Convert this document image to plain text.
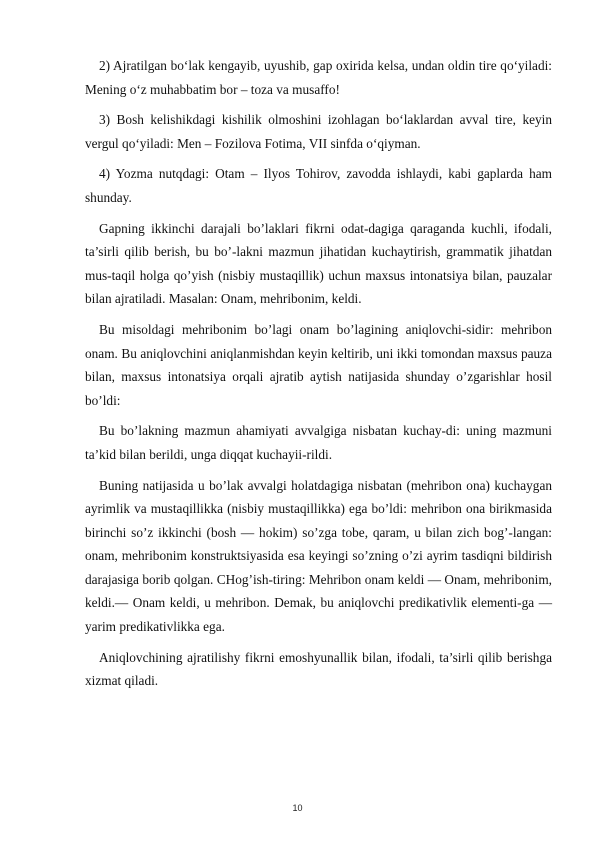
2) Ajratilgan bo‘lak kengayib, uyushib, gap oxirida kelsa, undan oldin tire qo‘yiladi: Mening o‘z muhabbatim bor – toza va musaffo!

3) Bosh kelishikdagi kishilik olmoshini izohlagan bo‘laklardan avval tire, keyin vergul qo‘yiladi: Men – Fozilova Fotima, VII sinfda o‘qiyman.

4) Yozma nutqdagi: Otam – Ilyos Tohirov, zavodda ishlaydi, kabi gaplarda ham shunday.

Gapning ikkinchi darajali bo’laklari fikrni odat-dagiga qaraganda kuchli, ifodali, ta’sirli qilib berish, bu bo’-lakni mazmun jihatidan kuchaytirish, grammatik jihatdan mus-taqil holga qo’yish (nisbiy mustaqillik) uchun maxsus intonatsiya bilan, pauzalar bilan ajratiladi. Masalan: Onam, mehribonim, keldi.

Bu misoldagi mehribonim bo’lagi onam bo’lagining aniqlovchi-sidir: mehribon onam. Bu aniqlovchini aniqlanmishdan keyin keltirib, uni ikki tomondan maxsus pauza bilan, maxsus intonatsiya orqali ajratib aytish natijasida shunday o’zgarishlar hosil bo’ldi:

Bu bo’lakning mazmun ahamiyati avvalgiga nisbatan kuchay-di: uning mazmuni ta’kid bilan berildi, unga diqqat kuchayii-rildi.

Buning natijasida u bo’lak avvalgi holatdagiga nisbatan (mehribon ona) kuchaygan ayrimlik va mustaqillikka (nisbiy mustaqillikka) ega bo’ldi: mehribon ona birikmasida birinchi so’z ikkinchi (bosh — hokim) so’zga tobe, qaram, u bilan zich bog’-langan: onam, mehribonim konstruktsiyasida esa keyingi so’zning o’zi ayrim tasdiqni bildirish darajasiga borib qolgan. CHog’ish-tiring: Mehribon onam keldi — Onam, mehribonim, keldi.— Onam keldi, u mehribon. Demak, bu aniqlovchi predikativlik elementi-ga — yarim predikativlikka ega.

Aniqlovchining ajratilishy fikrni emoshyunallik bilan, ifodali, ta’sirli qilib berishga xizmat qiladi.

10
